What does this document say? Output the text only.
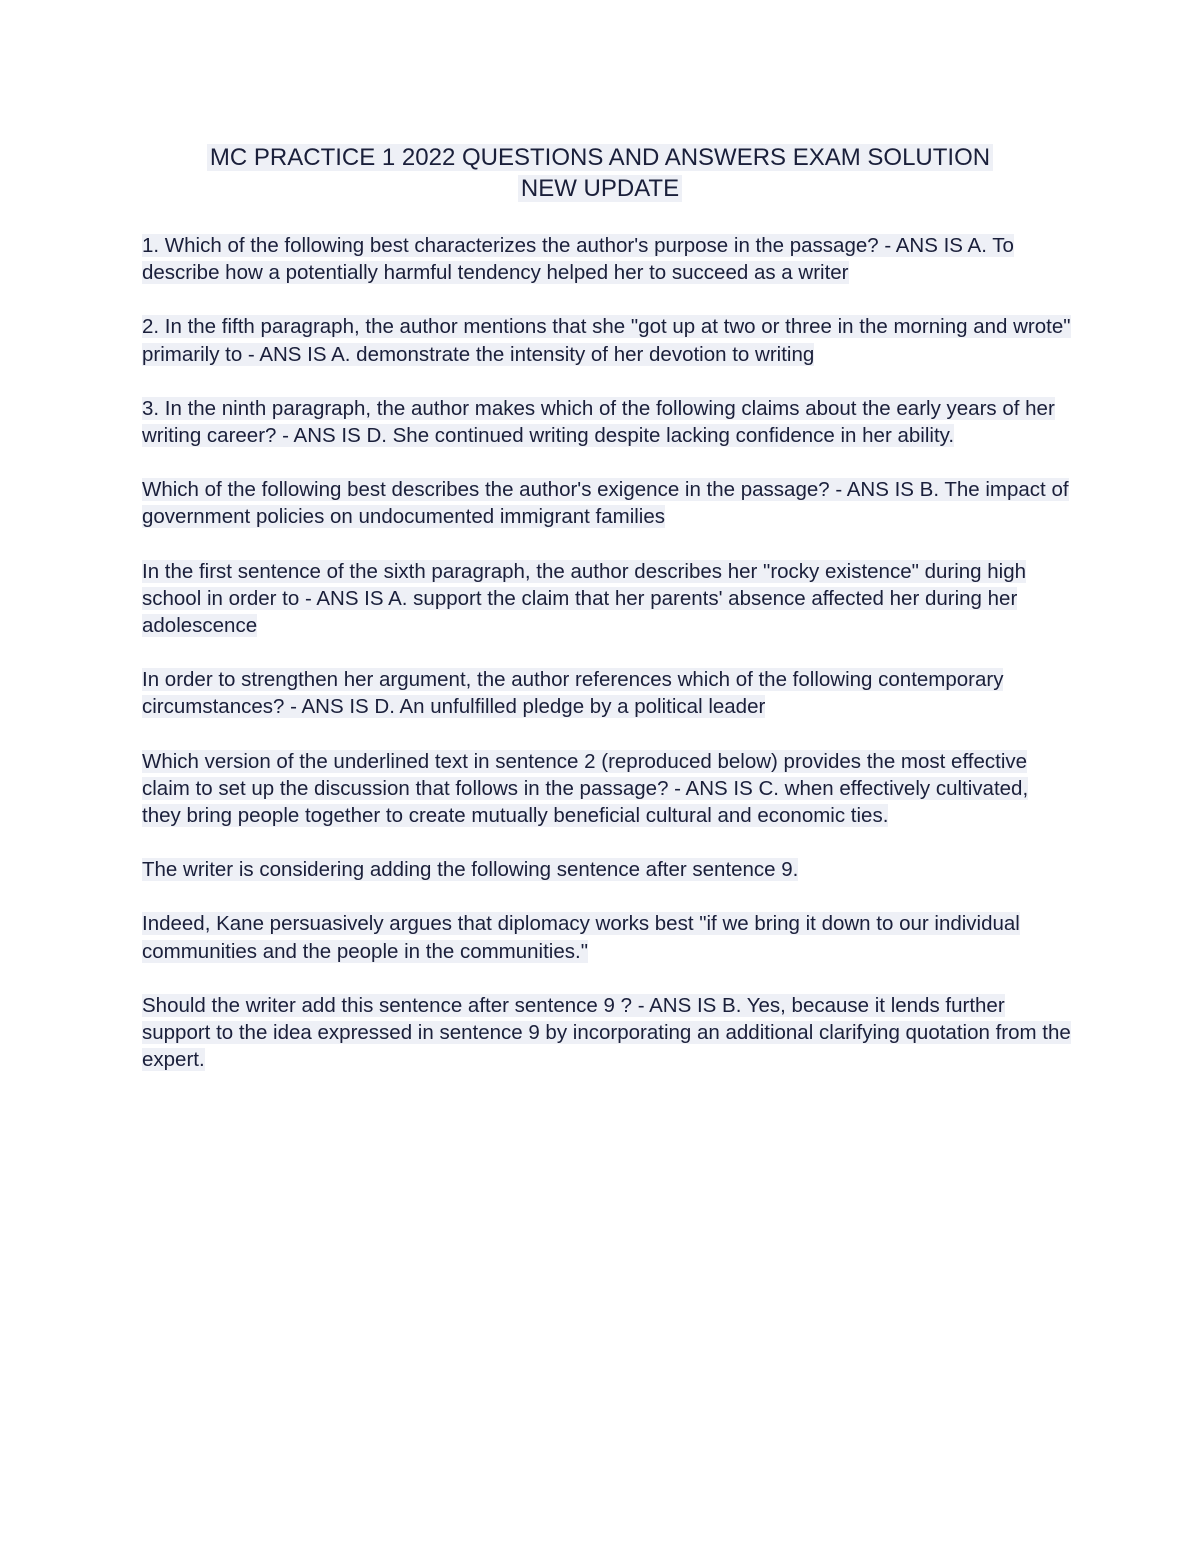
MC PRACTICE 1 2022 QUESTIONS AND ANSWERS EXAM SOLUTION
NEW UPDATE

1. Which of the following best characterizes the author's purpose in the passage? - ANS IS A. To describe how a potentially harmful tendency helped her to succeed as a writer

2. In the fifth paragraph, the author mentions that she "got up at two or three in the morning and wrote" primarily to - ANS IS A. demonstrate the intensity of her devotion to writing

3. In the ninth paragraph, the author makes which of the following claims about the early years of her writing career? - ANS IS D. She continued writing despite lacking confidence in her ability.

Which of the following best describes the author's exigence in the passage? - ANS IS B. The impact of government policies on undocumented immigrant families

In the first sentence of the sixth paragraph, the author describes her "rocky existence" during high school in order to - ANS IS A. support the claim that her parents' absence affected her during her adolescence

In order to strengthen her argument, the author references which of the following contemporary circumstances? - ANS IS D. An unfulfilled pledge by a political leader

Which version of the underlined text in sentence 2 (reproduced below) provides the most effective claim to set up the discussion that follows in the passage? - ANS IS C. when effectively cultivated, they bring people together to create mutually beneficial cultural and economic ties.

The writer is considering adding the following sentence after sentence 9.

Indeed, Kane persuasively argues that diplomacy works best "if we bring it down to our individual communities and the people in the communities."

Should the writer add this sentence after sentence 9 ? - ANS IS B. Yes, because it lends further support to the idea expressed in sentence 9 by incorporating an additional clarifying quotation from the expert.
